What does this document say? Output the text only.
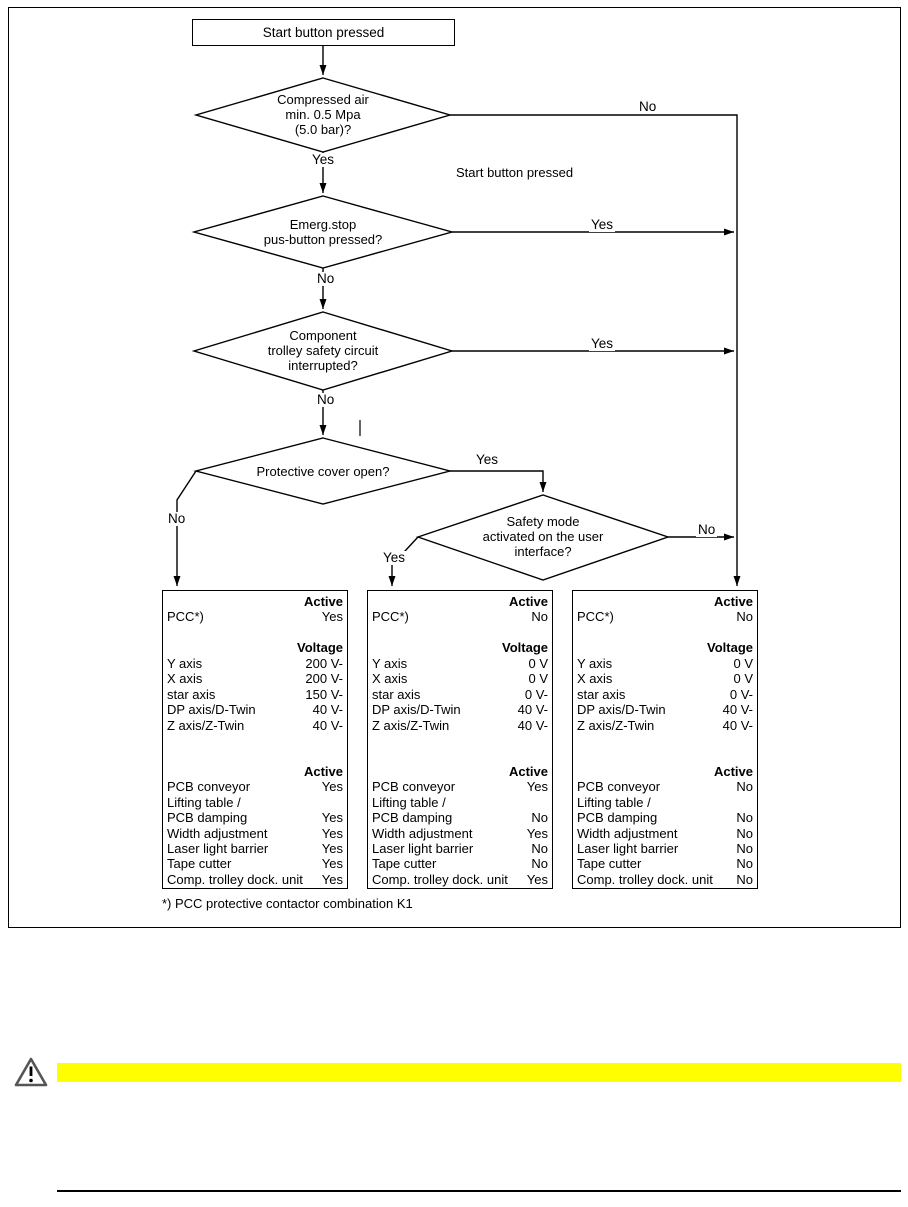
Start button pressed
Compressed air
min. 0.5 Mpa
(5.0 bar)?
Yes
No
Start button pressed
Emerg.stop
pus-button pressed?
Yes
No
Component
trolley safety circuit
interrupted?
Yes
No
Protective cover open?
Yes
No	Safety mode
activated on the user
interface?
Yes
No
Active
PCC*)	Yes
Voltage
Y axis	200 V-
X axis	200 V-
star axis	150 V-
DP axis/D-Twin	40 V-
Z axis/Z-Twin	40 V-
Active
PCB conveyor	Yes
Lifting table /
PCB damping	Yes
Width adjustment	Yes
Laser light barrier	Yes
Tape cutter	Yes
Comp. trolley dock. unit Yes
Active
PCC*)	No
Voltage
Y axis	0 V
X axis	0 V
star axis	0 V-
DP axis/D-Twin	40 V-
Z axis/Z-Twin	40 V-
Active
PCB conveyor	Yes
Lifting table /
PCB damping	No
Width adjustment	Yes
Laser light barrier	No
Tape cutter	No
Comp. trolley dock. unit Yes
Active
PCC*)	No
Voltage
Y axis	0 V
X axis	0 V
star axis	0 V-
DP axis/D-Twin	40 V-
Z axis/Z-Twin	40 V-
Active
PCB conveyor	No
Lifting table /
PCB damping	No
Width adjustment	No
Laser light barrier	No
Tape cutter	No
Comp. trolley dock. unit No
*) PCC protective contactor combination K1
